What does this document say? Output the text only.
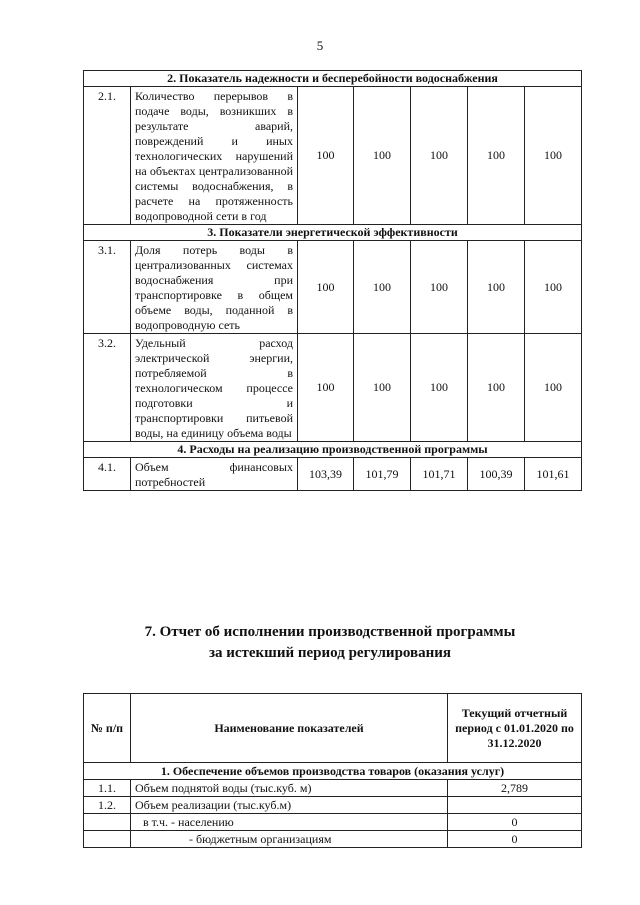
5
2. Показатель надежности и бесперебойности водоснабжения						
2.1.	Количество перерывов в подаче воды, возникших в результате аварий, повреждений и иных технологических нарушений на объектах централизованной системы водоснабжения, в расчете на протяженность водопроводной сети в год	100	100	100	100	100
3. Показатели энергетической эффективности						
3.1.	Доля потерь воды в централизованных системах водоснабжения при транспортировке в общем объеме воды, поданной в водопроводную сеть	100	100	100	100	100
3.2.	Удельный расход электрической энергии, потребляемой в технологическом процессе подготовки и транспортировки питьевой воды, на единицу объема воды	100	100	100	100	100
4. Расходы на реализацию производственной программы						
4.1.	Объем финансовых потребностей	103,39	101,79	101,71	100,39	101,61
7. Отчет об исполнении производственной программы
за истекший период регулирования
№ п/п	Наименование показателей	Текущий отчетный период с 01.01.2020 по 31.12.2020
1. Обеспечение объемов производства товаров (оказания услуг)		
1.1.	Объем поднятой воды (тыс.куб. м)	2,789
1.2.	Объем реализации (тыс.куб.м)	
	в т.ч. - населению	0
	- бюджетным организациям	0
